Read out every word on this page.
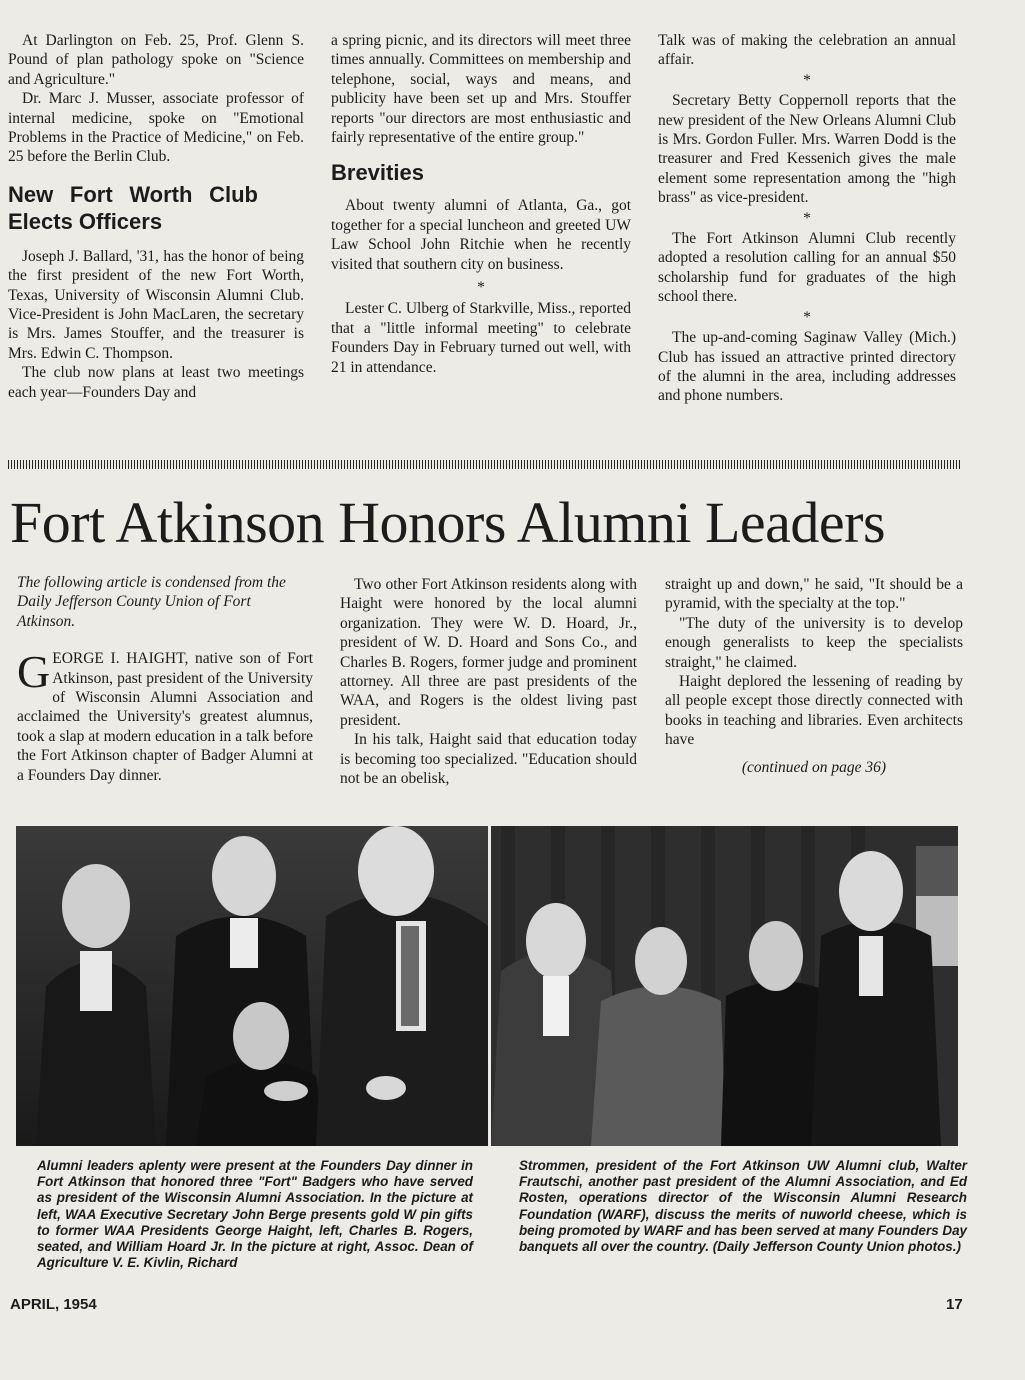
At Darlington on Feb. 25, Prof. Glenn S. Pound of plan pathology spoke on "Science and Agriculture."

Dr. Marc J. Musser, associate professor of internal medicine, spoke on "Emotional Problems in the Practice of Medicine," on Feb. 25 before the Berlin Club.

New Fort Worth Club Elects Officers

Joseph J. Ballard, '31, has the honor of being the first president of the new Fort Worth, Texas, University of Wisconsin Alumni Club. Vice-President is John MacLaren, the secretary is Mrs. James Stouffer, and the treasurer is Mrs. Edwin C. Thompson.

The club now plans at least two meetings each year—Founders Day and

a spring picnic, and its directors will meet three times annually. Committees on membership and telephone, social, ways and means, and publicity have been set up and Mrs. Stouffer reports "our directors are most enthusiastic and fairly representative of the entire group."

Brevities

About twenty alumni of Atlanta, Ga., got together for a special luncheon and greeted UW Law School John Ritchie when he recently visited that southern city on business.

*

Lester C. Ulberg of Starkville, Miss., reported that a "little informal meeting" to celebrate Founders Day in February turned out well, with 21 in attendance.

Talk was of making the celebration an annual affair.

*

Secretary Betty Coppernoll reports that the new president of the New Orleans Alumni Club is Mrs. Gordon Fuller. Mrs. Warren Dodd is the treasurer and Fred Kessenich gives the male element some representation among the "high brass" as vice-president.

*

The Fort Atkinson Alumni Club recently adopted a resolution calling for an annual $50 scholarship fund for graduates of the high school there.

*

The up-and-coming Saginaw Valley (Mich.) Club has issued an attractive printed directory of the alumni in the area, including addresses and phone numbers.

Fort Atkinson Honors Alumni Leaders

The following article is condensed from the Daily Jefferson County Union of Fort Atkinson.

GEORGE I. HAIGHT, native son of Fort Atkinson, past president of the University of Wisconsin Alumni Association and acclaimed the University's greatest alumnus, took a slap at modern education in a talk before the Fort Atkinson chapter of Badger Alumni at a Founders Day dinner.

Two other Fort Atkinson residents along with Haight were honored by the local alumni organization. They were W. D. Hoard, Jr., president of W. D. Hoard and Sons Co., and Charles B. Rogers, former judge and prominent attorney. All three are past presidents of the WAA, and Rogers is the oldest living past president.

In his talk, Haight said that education today is becoming too specialized. "Education should not be an obelisk,

straight up and down," he said, "It should be a pyramid, with the specialty at the top."

"The duty of the university is to develop enough generalists to keep the specialists straight," he claimed.

Haight deplored the lessening of reading by all people except those directly connected with books in teaching and libraries. Even architects have

(continued on page 36)

Alumni leaders aplenty were present at the Founders Day dinner in Fort Atkinson that honored three "Fort" Badgers who have served as president of the Wisconsin Alumni Association. In the picture at left, WAA Executive Secretary John Berge presents gold W pin gifts to former WAA Presidents George Haight, left, Charles B. Rogers, seated, and William Hoard Jr. In the picture at right, Assoc. Dean of Agriculture V. E. Kivlin, Richard

Strommen, president of the Fort Atkinson UW Alumni club, Walter Frautschi, another past president of the Alumni Association, and Ed Rosten, operations director of the Wisconsin Alumni Research Foundation (WARF), discuss the merits of nuworld cheese, which is being promoted by WARF and has been served at many Founders Day banquets all over the country. (Daily Jefferson County Union photos.)

APRIL, 1954	17
